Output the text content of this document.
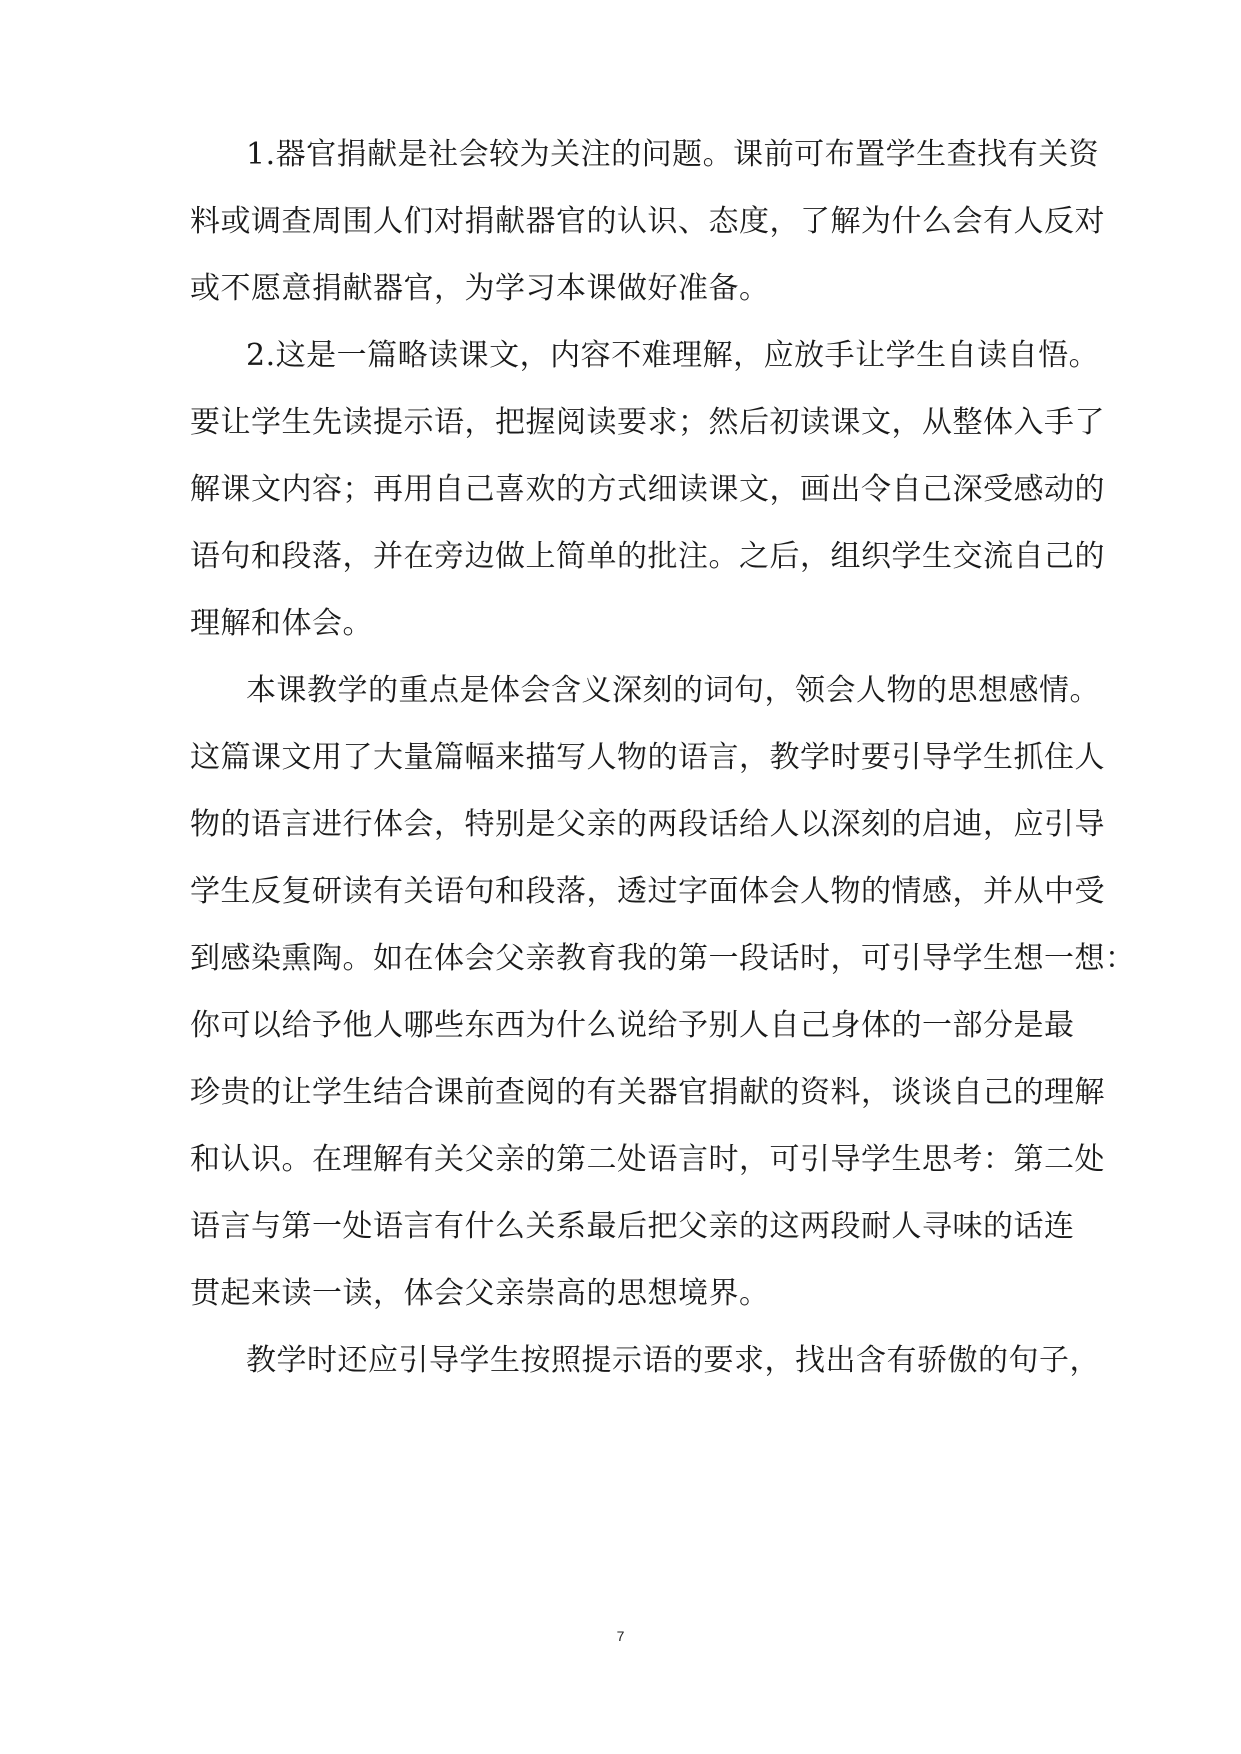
1.器官捐献是社会较为关注的问题。课前可布置学生查找有关资
料或调查周围人们对捐献器官的认识、态度，了解为什么会有人反对
或不愿意捐献器官，为学习本课做好准备。
2.这是一篇略读课文，内容不难理解，应放手让学生自读自悟。
要让学生先读提示语，把握阅读要求；然后初读课文，从整体入手了
解课文内容；再用自己喜欢的方式细读课文，画出令自己深受感动的
语句和段落，并在旁边做上简单的批注。之后，组织学生交流自己的
理解和体会。
本课教学的重点是体会含义深刻的词句，领会人物的思想感情。
这篇课文用了大量篇幅来描写人物的语言，教学时要引导学生抓住人
物的语言进行体会，特别是父亲的两段话给人以深刻的启迪，应引导
学生反复研读有关语句和段落，透过字面体会人物的情感，并从中受
到感染熏陶。如在体会父亲教育我的第一段话时，可引导学生想一想：
你可以给予他人哪些东西为什么说给予别人自己身体的一部分是最
珍贵的让学生结合课前查阅的有关器官捐献的资料，谈谈自己的理解
和认识。在理解有关父亲的第二处语言时，可引导学生思考：第二处
语言与第一处语言有什么关系最后把父亲的这两段耐人寻味的话连
贯起来读一读，体会父亲崇高的思想境界。
教学时还应引导学生按照提示语的要求，找出含有骄傲的句子，
7
